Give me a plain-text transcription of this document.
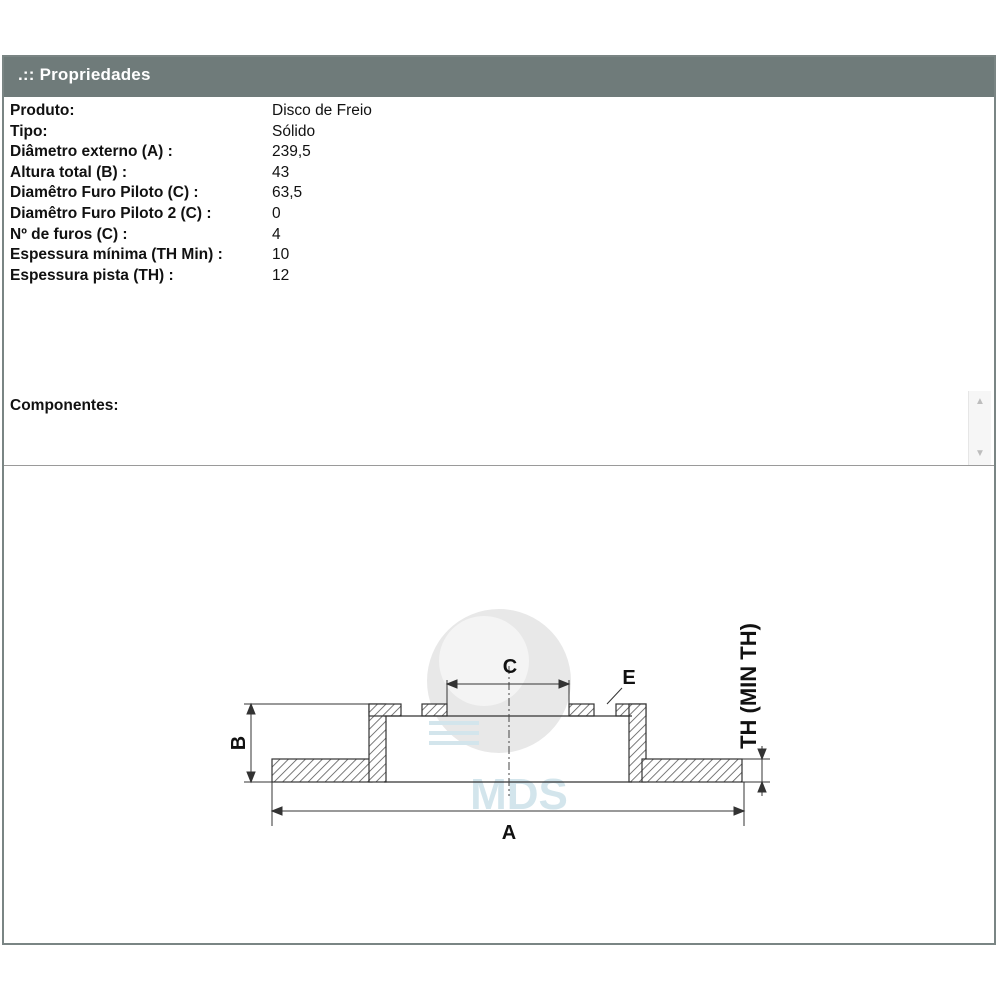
.:: Propriedades
Produto:	Disco de Freio
Tipo:	Sólido
Diâmetro externo (A) :	239,5
Altura total (B) :	43
Diamêtro Furo Piloto (C) :	63,5
Diamêtro Furo Piloto 2 (C) :	0
Nº de furos (C) :	4
Espessura mínima (TH Min) :	10
Espessura pista (TH) :	12
Componentes:	▲
▼
MDS
A
B
C	E	TH (MIN TH)
